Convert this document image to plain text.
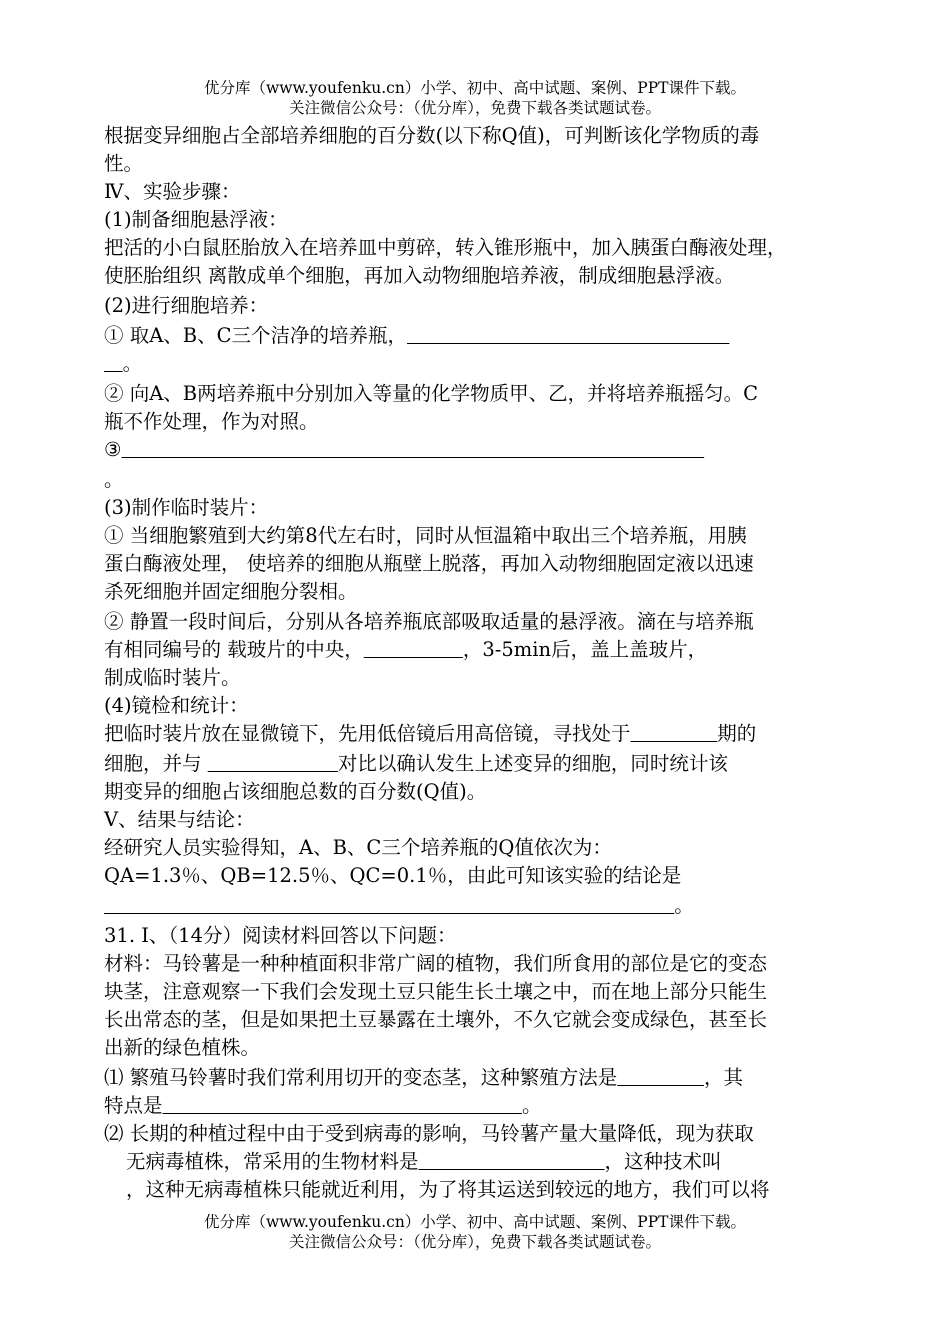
优分库（www.youfenku.cn）小学、初中、高中试题、案例、PPT课件下载。
关注微信公众号：（优分库），免费下载各类试题试卷。
根据变异细胞占全部培养细胞的百分数(以下称Q值)，可判断该化学物质的毒
性。
Ⅳ、实验步骤：
(1)制备细胞悬浮液：
把活的小白鼠胚胎放入在培养皿中剪碎，转入锥形瓶中，加入胰蛋白酶液处理，
使胚胎组织 离散成单个细胞，再加入动物细胞培养液，制成细胞悬浮液。
(2)进行细胞培养：
① 取A、B、C三个洁净的培养瓶，
。
② 向A、B两培养瓶中分别加入等量的化学物质甲、乙，并将培养瓶摇匀。C
瓶不作处理，作为对照。
③
。
(3)制作临时装片：
① 当细胞繁殖到大约第8代左右时，同时从恒温箱中取出三个培养瓶，用胰
蛋白酶液处理， 使培养的细胞从瓶壁上脱落，再加入动物细胞固定液以迅速
杀死细胞并固定细胞分裂相。
② 静置一段时间后，分别从各培养瓶底部吸取适量的悬浮液。滴在与培养瓶
有相同编号的 载玻片的中央，	，3-5min后，盖上盖玻片，
制成临时装片。
(4)镜检和统计：
把临时装片放在显微镜下，先用低倍镜后用高倍镜，寻找处于	期的
细胞，并与	对比以确认发生上述变异的细胞，同时统计该
期变异的细胞占该细胞总数的百分数(Q值)。
V、结果与结论：
经研究人员实验得知，A、B、C三个培养瓶的Q值依次为：
QA=1.3％、QB=12.5％、QC=0.1％，由此可知该实验的结论是
。
31. Ⅰ、（14分）阅读材料回答以下问题：
材料：马铃薯是一种种植面积非常广阔的植物，我们所食用的部位是它的变态
块茎，注意观察一下我们会发现土豆只能生长土壤之中，而在地上部分只能生
长出常态的茎，但是如果把土豆暴露在土壤外，不久它就会变成绿色，甚至长
出新的绿色植株。
⑴ 繁殖马铃薯时我们常利用切开的变态茎，这种繁殖方法是	，其
特点是	。
⑵ 长期的种植过程中由于受到病毒的影响，马铃薯产量大量降低，现为获取
无病毒植株，常采用的生物材料是	，这种技术叫
，这种无病毒植株只能就近利用，为了将其运送到较远的地方，我们可以将
优分库（www.youfenku.cn）小学、初中、高中试题、案例、PPT课件下载。
关注微信公众号：（优分库），免费下载各类试题试卷。
